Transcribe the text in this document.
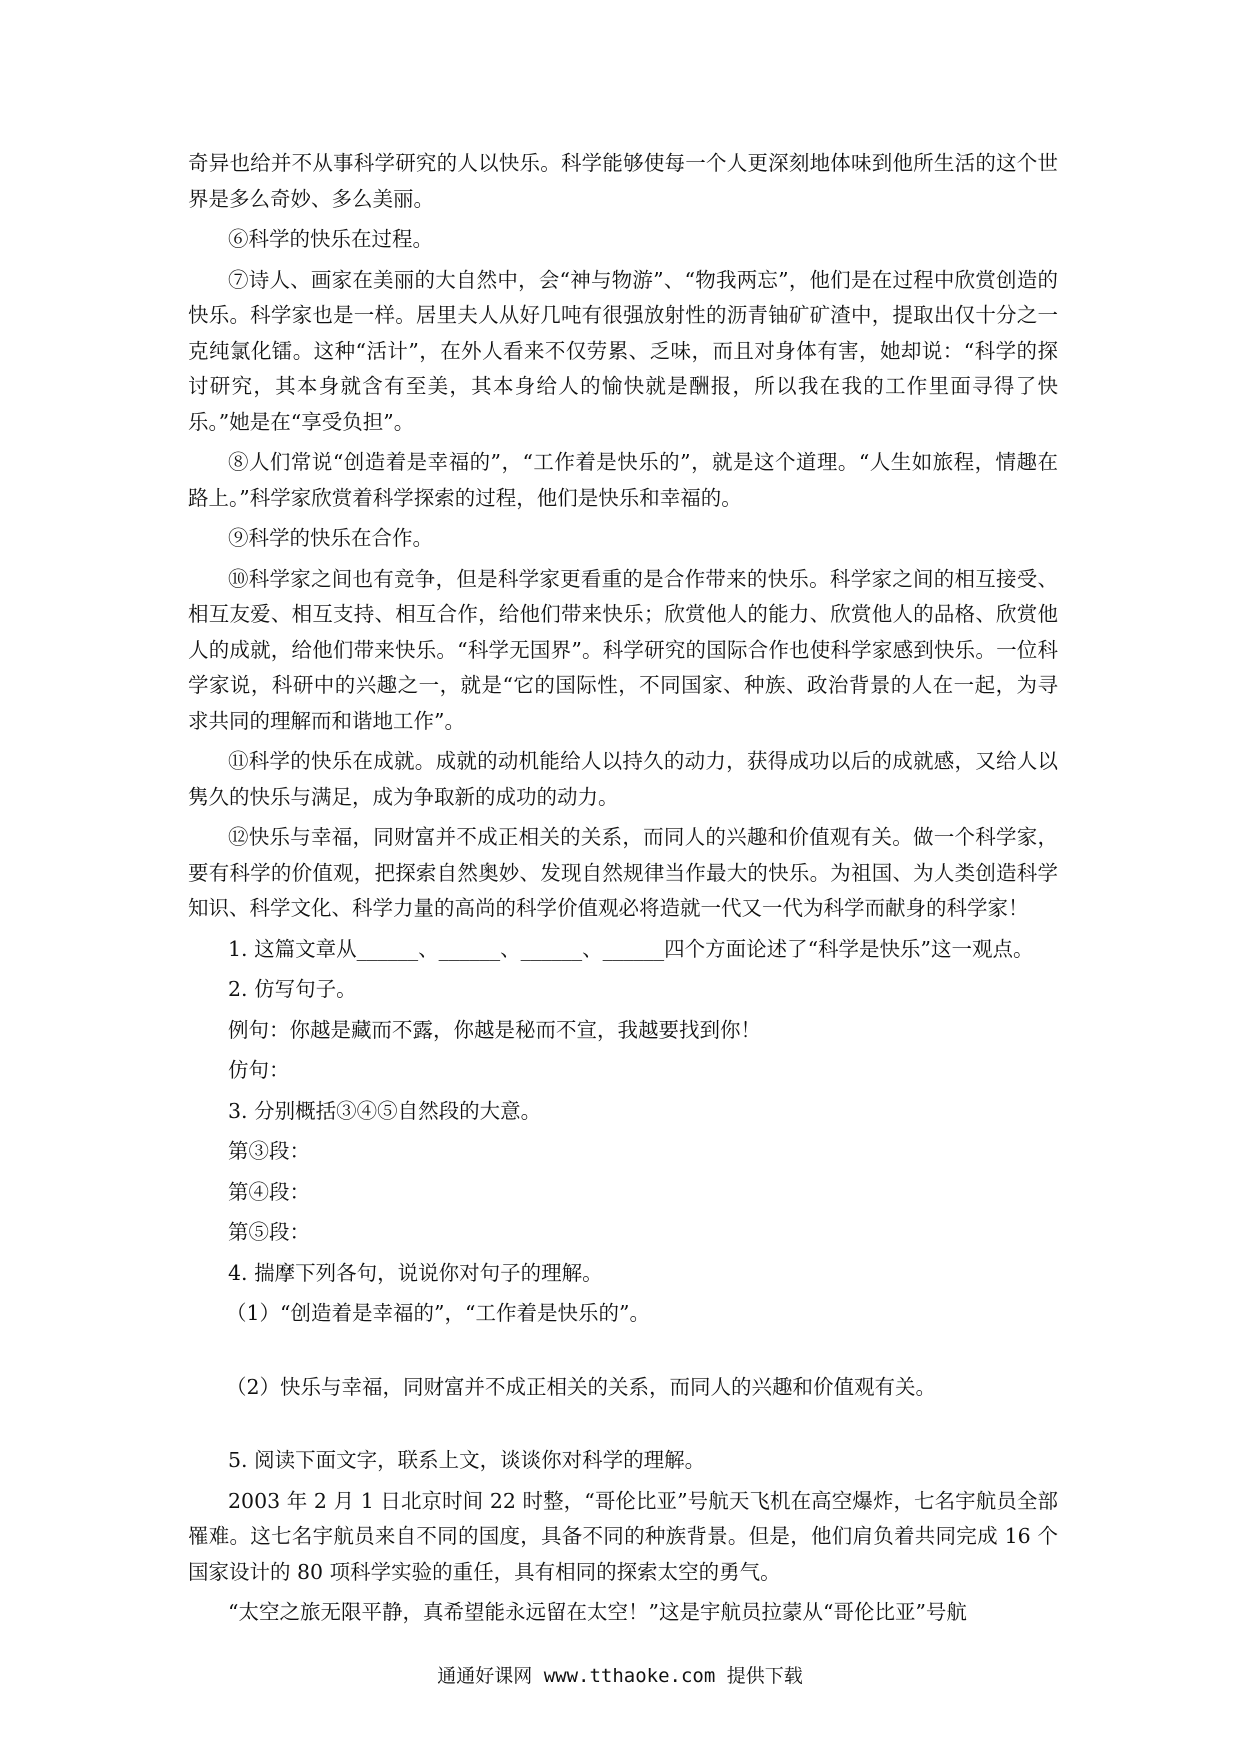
奇异也给并不从事科学研究的人以快乐。科学能够使每一个人更深刻地体味到他所生活的这个世界是多么奇妙、多么美丽。

⑥科学的快乐在过程。

⑦诗人、画家在美丽的大自然中，会“神与物游”、“物我两忘”，他们是在过程中欣赏创造的快乐。科学家也是一样。居里夫人从好几吨有很强放射性的沥青铀矿矿渣中，提取出仅十分之一克纯氯化镭。这种“活计”，在外人看来不仅劳累、乏味，而且对身体有害，她却说：“科学的探讨研究，其本身就含有至美，其本身给人的愉快就是酬报，所以我在我的工作里面寻得了快乐。”她是在“享受负担”。

⑧人们常说“创造着是幸福的”，“工作着是快乐的”，就是这个道理。“人生如旅程，情趣在路上。”科学家欣赏着科学探索的过程，他们是快乐和幸福的。

⑨科学的快乐在合作。

⑩科学家之间也有竞争，但是科学家更看重的是合作带来的快乐。科学家之间的相互接受、相互友爱、相互支持、相互合作，给他们带来快乐；欣赏他人的能力、欣赏他人的品格、欣赏他人的成就，给他们带来快乐。“科学无国界”。科学研究的国际合作也使科学家感到快乐。一位科学家说，科研中的兴趣之一，就是“它的国际性，不同国家、种族、政治背景的人在一起，为寻求共同的理解而和谐地工作”。

⑪科学的快乐在成就。成就的动机能给人以持久的动力，获得成功以后的成就感，又给人以隽久的快乐与满足，成为争取新的成功的动力。

⑫快乐与幸福，同财富并不成正相关的关系，而同人的兴趣和价值观有关。做一个科学家，要有科学的价值观，把探索自然奥妙、发现自然规律当作最大的快乐。为祖国、为人类创造科学知识、科学文化、科学力量的高尚的科学价值观必将造就一代又一代为科学而献身的科学家！

1. 这篇文章从______、______、______、______四个方面论述了“科学是快乐”这一观点。

2. 仿写句子。

例句：你越是藏而不露，你越是秘而不宣，我越要找到你！

仿句：

3. 分别概括③④⑤自然段的大意。

第③段：

第④段：

第⑤段：

4. 揣摩下列各句，说说你对句子的理解。

（1）“创造着是幸福的”，“工作着是快乐的”。

（2）快乐与幸福，同财富并不成正相关的关系，而同人的兴趣和价值观有关。

5. 阅读下面文字，联系上文，谈谈你对科学的理解。

2003 年 2 月 1 日北京时间 22 时整，“哥伦比亚”号航天飞机在高空爆炸，七名宇航员全部罹难。这七名宇航员来自不同的国度，具备不同的种族背景。但是，他们肩负着共同完成 16 个国家设计的 80 项科学实验的重任，具有相同的探索太空的勇气。

“太空之旅无限平静，真希望能永远留在太空！”这是宇航员拉蒙从“哥伦比亚”号航

通通好课网 www.tthaoke.com 提供下载
